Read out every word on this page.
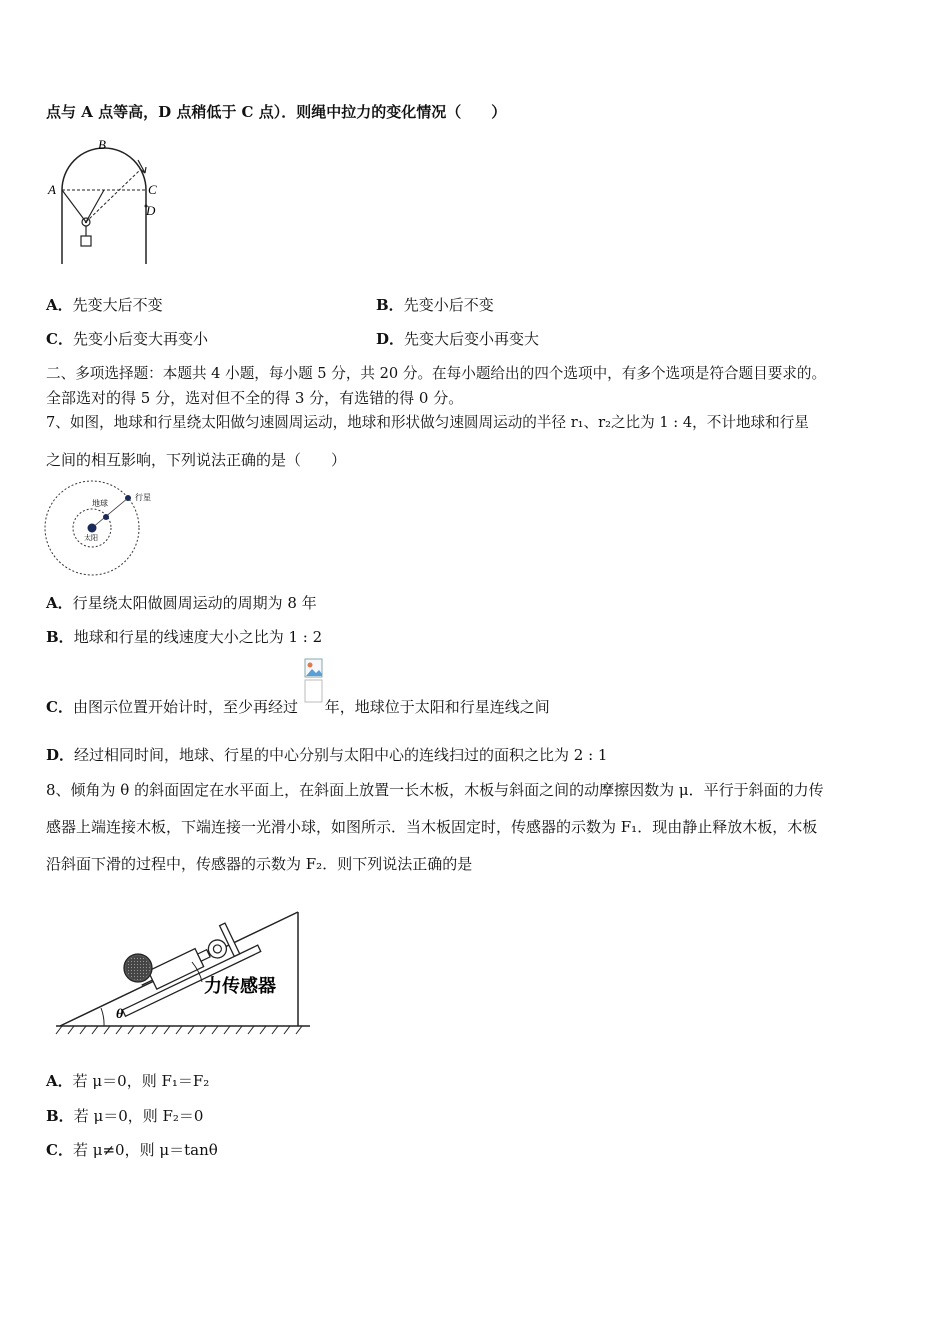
点与 A 点等高，D 点稍低于 C 点）．则绳中拉力的变化情况（　　）
A
B
C
D
A．先变大后不变	B．先变小后不变
C．先变小后变大再变小	D．先变大后变小再变大
二、多项选择题：本题共 4 小题，每小题 5 分，共 20 分。在每小题给出的四个选项中，有多个选项是符合题目要求的。
全部选对的得 5 分，选对但不全的得 3 分，有选错的得 0 分。
7、如图，地球和行星绕太阳做匀速圆周运动，地球和形状做匀速圆周运动的半径 r₁、r₂之比为 1 : 4，不计地球和行星
之间的相互影响，下列说法正确的是（　　）
地球
行星
太阳
A．行星绕太阳做圆周运动的周期为 8 年
B．地球和行星的线速度大小之比为 1 : 2
C．由图示位置开始计时，至少再经过 年，地球位于太阳和行星连线之间
D．经过相同时间，地球、行星的中心分别与太阳中心的连线扫过的面积之比为 2 : 1
8、倾角为 θ 的斜面固定在水平面上，在斜面上放置一长木板，木板与斜面之间的动摩擦因数为 μ．平行于斜面的力传
感器上端连接木板，下端连接一光滑小球，如图所示．当木板固定时，传感器的示数为 F₁．现由静止释放木板，木板
沿斜面下滑的过程中，传感器的示数为 F₂．则下列说法正确的是
力传感器
θ
A．若 μ＝0，则 F₁＝F₂
B．若 μ＝0，则 F₂＝0
C．若 μ≠0，则 μ＝tanθ
